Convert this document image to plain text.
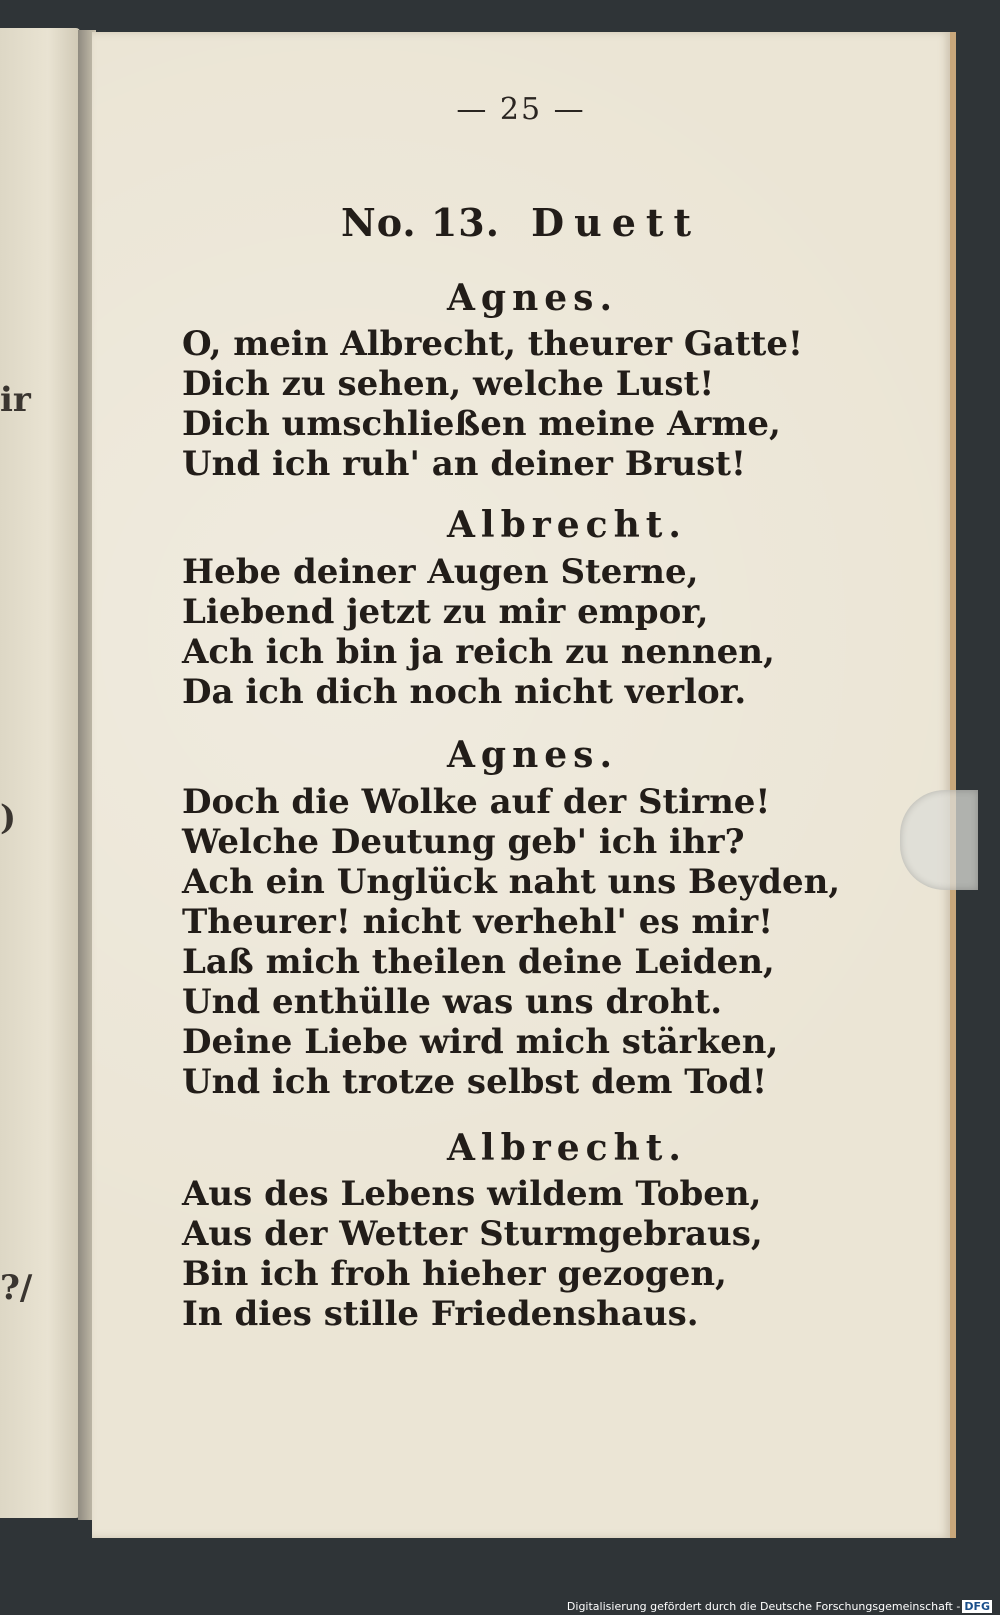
ir
)
?/
— 25 —
No. 13. Duett
Agnes.
O, mein Albrecht, theurer Gatte!
Dich zu sehen, welche Lust!
Dich umschließen meine Arme,
Und ich ruh' an deiner Brust!
Albrecht.
Hebe deiner Augen Sterne,
Liebend jetzt zu mir empor,
Ach ich bin ja reich zu nennen,
Da ich dich noch nicht verlor.
Agnes.
Doch die Wolke auf der Stirne!
Welche Deutung geb' ich ihr?
Ach ein Unglück naht uns Beyden,
Theurer! nicht verhehl' es mir!
Laß mich theilen deine Leiden,
Und enthülle was uns droht.
Deine Liebe wird mich stärken,
Und ich trotze selbst dem Tod!
Albrecht.
Aus des Lebens wildem Toben,
Aus der Wetter Sturmgebraus,
Bin ich froh hieher gezogen,
In dies stille Friedenshaus.
Digitalisierung gefördert durch die Deutsche Forschungsgemeinschaft - DFG
